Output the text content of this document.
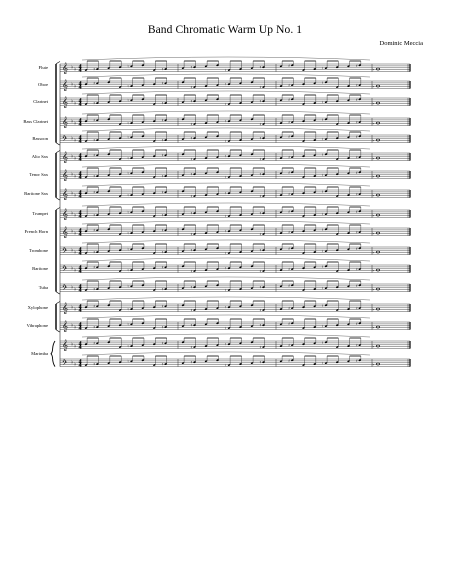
Band Chromatic Warm Up No. 1
Dominic Meccia
𝄞 ♭ ♭ 4
4	♯
♮
♯	♯
♮
♯	♯
♮
♯
♭
𝄞 ♭ ♭ 4
4
♯
♮
♯
♯
♮
♯	♯
♮
♯	♭
𝄞 ♭ ♭ 4
4	♯
♮
♯	♯
♮
♯	♯
♮
♯
♭
𝄞 ♭ ♭ 4
4
♯
♮
♯
♯
♮
♯	♯
♮
♯	♭
𝄢 ♭ ♭ 4
4	♯
♮
♯	♯
♮
♯	♯
♮
♯
♭
𝄞 ♭ ♭ 4
4
♯
♮
♯
♯
♮
♯	♯
♮
♯	♭
𝄞 ♭ ♭ 4
4	♯
♮
♯	♯
♮
♯	♯
♮
♯
♭
𝄞 ♭ ♭ 4
4
♯
♮
♯
♯
♮
♯	♯
♮
♯	♭
𝄞 ♭ ♭ 4
4	♯
♮
♯	♯
♮
♯	♯
♮
♯
♭
𝄞 ♭ ♭ 4
4
♯
♮
♯
♯
♮
♯	♯
♮
♯	♭
𝄢 ♭ ♭ 4
4	♯
♮
♯	♯
♮
♯	♯
♮
♯
♭
𝄢 ♭ ♭ 4
4
♯
♮
♯
♯
♮
♯	♯
♮
♯	♭
𝄢 ♭ ♭ 4
4	♯
♮
♯	♯
♮
♯	♯
♮
♯
♭
𝄞 ♭ ♭ 4
4
♯
♮
♯
♯
♮
♯	♯
♮
♯	♭
𝄞 ♭ ♭ 4
4	♯
♮
♯	♯
♮
♯	♯
♮
♯
♭
𝄞 ♭ ♭ 4
4
♯
♮
♯
♯
♮
♯	♯
♮
♯	♭
𝄢 ♭ ♭ 4
4	♯
♮
♯	♯
♮
♯	♯
♮
♯
♭
Flute
Oboe
Clarinet
Bass Clarinet
Bassoon
Alto Sax
Tenor Sax
Baritone Sax
Trumpet
French Horn
Trombone
Baritone
Tuba
Xylophone
Vibraphone
Marimba
